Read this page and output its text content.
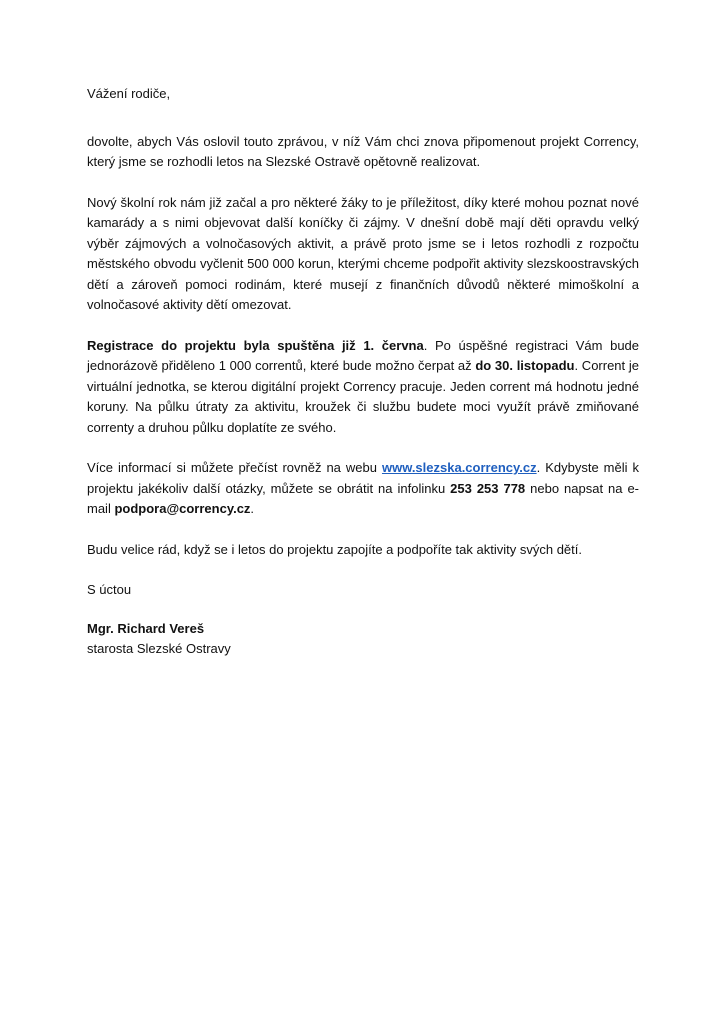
Vážení rodiče,

dovolte, abych Vás oslovil touto zprávou, v níž Vám chci znova připomenout projekt Corrency, který jsme se rozhodli letos na Slezské Ostravě opětovně realizovat.

Nový školní rok nám již začal a pro některé žáky to je příležitost, díky které mohou poznat nové kamarády a s nimi objevovat další koníčky či zájmy. V dnešní době mají děti opravdu velký výběr zájmových a volnočasových aktivit, a právě proto jsme se i letos rozhodli z rozpočtu městského obvodu vyčlenit 500 000 korun, kterými chceme podpořit aktivity slezskoostravských dětí a zároveň pomoci rodinám, které musejí z finančních důvodů některé mimoškolní a volnočasové aktivity dětí omezovat.

Registrace do projektu byla spuštěna již 1. června. Po úspěšné registraci Vám bude jednorázově přiděleno 1 000 correntů, které bude možno čerpat až do 30. listopadu. Corrent je virtuální jednotka, se kterou digitální projekt Corrency pracuje. Jeden corrent má hodnotu jedné koruny. Na půlku útraty za aktivitu, kroužek či službu budete moci využít právě zmiňované correnty a druhou půlku doplatíte ze svého.

Více informací si můžete přečíst rovněž na webu www.slezska.corrency.cz. Kdybyste měli k projektu jakékoliv další otázky, můžete se obrátit na infolinku 253 253 778 nebo napsat na e-mail podpora@corrency.cz.

Budu velice rád, když se i letos do projektu zapojíte a podpoříte tak aktivity svých dětí.

S úctou

Mgr. Richard Vereš
starosta Slezské Ostravy
